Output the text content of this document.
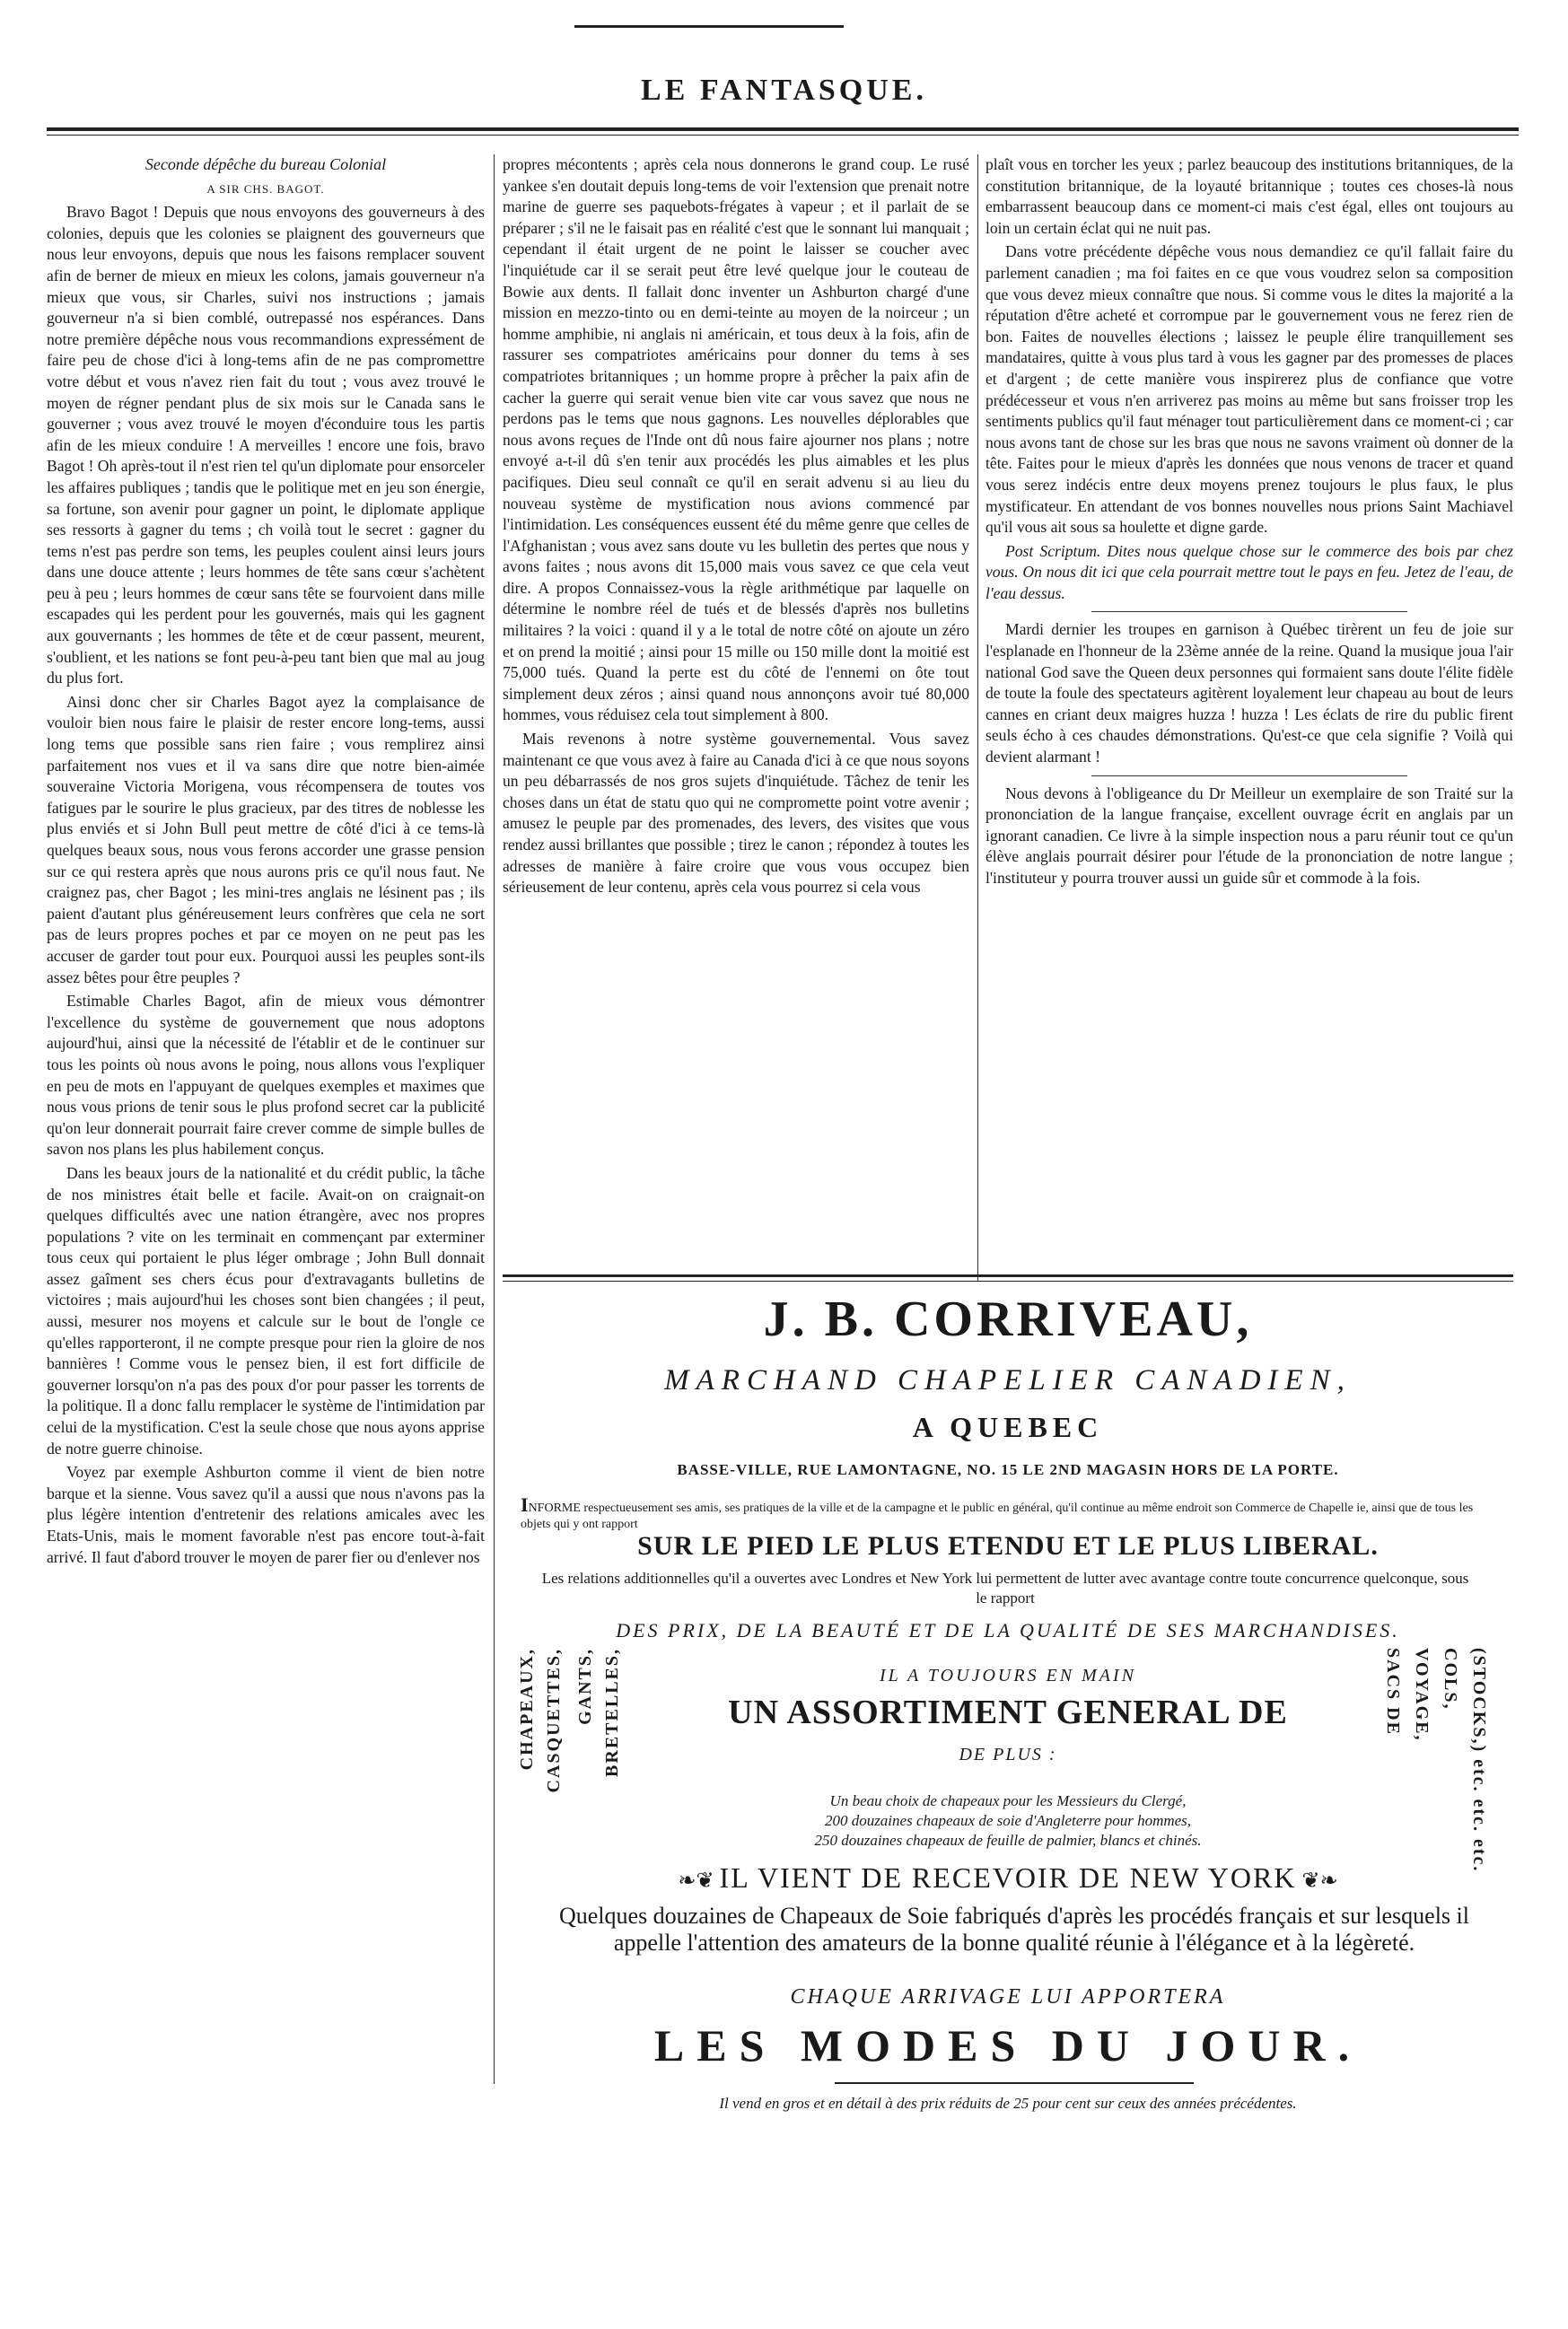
LE FANTASQUE.

Seconde dépêche du bureau Colonial

A SIR CHS. BAGOT.

Bravo Bagot ! Depuis que nous envoyons des gouverneurs à des colonies, depuis que les colonies se plaignent des gouverneurs que nous leur envoyons, depuis que nous les faisons remplacer souvent afin de berner de mieux en mieux les colons, jamais gouverneur n'a mieux que vous, sir Charles, suivi nos instructions ; jamais gouverneur n'a si bien comblé, outrepassé nos espérances. Dans notre première dépêche nous vous recommandions expressément de faire peu de chose d'ici à long-tems afin de ne pas compromettre votre début et vous n'avez rien fait du tout ; vous avez trouvé le moyen de régner pendant plus de six mois sur le Canada sans le gouverner ; vous avez trouvé le moyen d'éconduire tous les partis afin de les mieux conduire ! A merveilles ! encore une fois, bravo Bagot ! Oh après-tout il n'est rien tel qu'un diplomate pour ensorceler les affaires publiques ; tandis que le politique met en jeu son énergie, sa fortune, son avenir pour gagner un point, le diplomate applique ses ressorts à gagner du tems ; ch voilà tout le secret : gagner du tems n'est pas perdre son tems, les peuples coulent ainsi leurs jours dans une douce attente ; leurs hommes de tête sans cœur s'achètent peu à peu ; leurs hommes de cœur sans tête se fourvoient dans mille escapades qui les perdent pour les gouvernés, mais qui les gagnent aux gouvernants ; les hommes de tête et de cœur passent, meurent, s'oublient, et les nations se font peu-à-peu tant bien que mal au joug du plus fort.

Ainsi donc cher sir Charles Bagot ayez la complaisance de vouloir bien nous faire le plaisir de rester encore long-tems, aussi long tems que possible sans rien faire ; vous remplirez ainsi parfaitement nos vues et il va sans dire que notre bien-aimée souveraine Victoria Morigena, vous récompensera de toutes vos fatigues par le sourire le plus gracieux, par des titres de noblesse les plus enviés et si John Bull peut mettre de côté d'ici à ce tems-là quelques beaux sous, nous vous ferons accorder une grasse pension sur ce qui restera après que nous aurons pris ce qu'il nous faut. Ne craignez pas, cher Bagot ; les mini-tres anglais ne lésinent pas ; ils paient d'autant plus généreusement leurs confrères que cela ne sort pas de leurs propres poches et par ce moyen on ne peut pas les accuser de garder tout pour eux. Pourquoi aussi les peuples sont-ils assez bêtes pour être peuples ?

Estimable Charles Bagot, afin de mieux vous démontrer l'excellence du système de gouvernement que nous adoptons aujourd'hui, ainsi que la nécessité de l'établir et de le continuer sur tous les points où nous avons le poing, nous allons vous l'expliquer en peu de mots en l'appuyant de quelques exemples et maximes que nous vous prions de tenir sous le plus profond secret car la publicité qu'on leur donnerait pourrait faire crever comme de simple bulles de savon nos plans les plus habilement conçus.

Dans les beaux jours de la nationalité et du crédit public, la tâche de nos ministres était belle et facile. Avait-on on craignait-on quelques difficultés avec une nation étrangère, avec nos propres populations ? vite on les terminait en commençant par exterminer tous ceux qui portaient le plus léger ombrage ; John Bull donnait assez gaîment ses chers écus pour d'extravagants bulletins de victoires ; mais aujourd'hui les choses sont bien changées ; il peut, aussi, mesurer nos moyens et calcule sur le bout de l'ongle ce qu'elles rapporteront, il ne compte presque pour rien la gloire de nos bannières ! Comme vous le pensez bien, il est fort difficile de gouverner lorsqu'on n'a pas des poux d'or pour passer les torrents de la politique. Il a donc fallu remplacer le système de l'intimidation par celui de la mystification. C'est la seule chose que nous ayons apprise de notre guerre chinoise.

Voyez par exemple Ashburton comme il vient de bien notre barque et la sienne. Vous savez qu'il a aussi que nous n'avons pas la plus légère intention d'entretenir des relations amicales avec les Etats-Unis, mais le moment favorable n'est pas encore tout-à-fait arrivé. Il faut d'abord trouver le moyen de parer fier ou d'enlever nos

propres mécontents ; après cela nous donnerons le grand coup. Le rusé yankee s'en doutait depuis long-tems de voir l'extension que prenait notre marine de guerre ses paquebots-frégates à vapeur ; et il parlait de se préparer ; s'il ne le faisait pas en réalité c'est que le sonnant lui manquait ; cependant il était urgent de ne point le laisser se coucher avec l'inquiétude car il se serait peut être levé quelque jour le couteau de Bowie aux dents. Il fallait donc inventer un Ashburton chargé d'une mission en mezzo-tinto ou en demi-teinte au moyen de la noirceur ; un homme amphibie, ni anglais ni américain, et tous deux à la fois, afin de rassurer ses compatriotes américains pour donner du tems à ses compatriotes britanniques ; un homme propre à prêcher la paix afin de cacher la guerre qui serait venue bien vite car vous savez que nous ne perdons pas le tems que nous gagnons. Les nouvelles déplorables que nous avons reçues de l'Inde ont dû nous faire ajourner nos plans ; notre envoyé a-t-il dû s'en tenir aux procédés les plus aimables et les plus pacifiques. Dieu seul connaît ce qu'il en serait advenu si au lieu du nouveau système de mystification nous avions commencé par l'intimidation. Les conséquences eussent été du même genre que celles de l'Afghanistan ; vous avez sans doute vu les bulletin des pertes que nous y avons faites ; nous avons dit 15,000 mais vous savez ce que cela veut dire. A propos Connaissez-vous la règle arithmétique par laquelle on détermine le nombre réel de tués et de blessés d'après nos bulletins militaires ? la voici : quand il y a le total de notre côté on ajoute un zéro et on prend la moitié ; ainsi pour 15 mille ou 150 mille dont la moitié est 75,000 tués. Quand la perte est du côté de l'ennemi on ôte tout simplement deux zéros ; ainsi quand nous annonçons avoir tué 80,000 hommes, vous réduisez cela tout simplement à 800.

Mais revenons à notre système gouvernemental. Vous savez maintenant ce que vous avez à faire au Canada d'ici à ce que nous soyons un peu débarrassés de nos gros sujets d'inquiétude. Tâchez de tenir les choses dans un état de statu quo qui ne compromette point votre avenir ; amusez le peuple par des promenades, des levers, des visites que vous rendez aussi brillantes que possible ; tirez le canon ; répondez à toutes les adresses de manière à faire croire que vous vous occupez bien sérieusement de leur contenu, après cela vous pourrez si cela vous

plaît vous en torcher les yeux ; parlez beaucoup des institutions britanniques, de la constitution britannique, de la loyauté britannique ; toutes ces choses-là nous embarrassent beaucoup dans ce moment-ci mais c'est égal, elles ont toujours au loin un certain éclat qui ne nuit pas.

Dans votre précédente dépêche vous nous demandiez ce qu'il fallait faire du parlement canadien ; ma foi faites en ce que vous voudrez selon sa composition que vous devez mieux connaître que nous. Si comme vous le dites la majorité a la réputation d'être acheté et corrompue par le gouvernement vous ne ferez rien de bon. Faites de nouvelles élections ; laissez le peuple élire tranquillement ses mandataires, quitte à vous plus tard à vous les gagner par des promesses de places et d'argent ; de cette manière vous inspirerez plus de confiance que votre prédécesseur et vous n'en arriverez pas moins au même but sans froisser trop les sentiments publics qu'il faut ménager tout particulièrement dans ce moment-ci ; car nous avons tant de chose sur les bras que nous ne savons vraiment où donner de la tête. Faites pour le mieux d'après les données que nous venons de tracer et quand vous serez indécis entre deux moyens prenez toujours le plus faux, le plus mystificateur. En attendant de vos bonnes nouvelles nous prions Saint Machiavel qu'il vous ait sous sa houlette et digne garde.

Post Scriptum. Dites nous quelque chose sur le commerce des bois par chez vous. On nous dit ici que cela pourrait mettre tout le pays en feu. Jetez de l'eau, de l'eau dessus.

Mardi dernier les troupes en garnison à Québec tirèrent un feu de joie sur l'esplanade en l'honneur de la 23ème année de la reine. Quand la musique joua l'air national God save the Queen deux personnes qui formaient sans doute l'élite fidèle de toute la foule des spectateurs agitèrent loyalement leur chapeau au bout de leurs cannes en criant deux maigres huzza ! huzza ! Les éclats de rire du public firent seuls écho à ces chaudes démonstrations. Qu'est-ce que cela signifie ? Voilà qui devient alarmant !

Nous devons à l'obligeance du Dr Meilleur un exemplaire de son Traité sur la prononciation de la langue française, excellent ouvrage écrit en anglais par un ignorant canadien. Ce livre à la simple inspection nous a paru réunir tout ce qu'un élève anglais pourrait désirer pour l'étude de la prononciation de notre langue ; l'instituteur y pourra trouver aussi un guide sûr et commode à la fois.

J. B. CORRIVEAU,
MARCHAND CHAPELIER CANADIEN,
A QUEBEC
BASSE-VILLE, RUE LAMONTAGNE, NO. 15 LE 2ND MAGASIN HORS DE LA PORTE.
INFORME respectueusement ses amis, ses pratiques de la ville et de la campagne et le public en général, qu'il continue au même endroit son Commerce de Chapelle ie, ainsi que de tous les objets qui y ont rapport
SUR LE PIED LE PLUS ETENDU ET LE PLUS LIBERAL.
Les relations additionnelles qu'il a ouvertes avec Londres et New York lui permettent de lutter avec avantage contre toute concurrence quelconque, sous le rapport
DES PRIX, DE LA BEAUTÉ ET DE LA QUALITÉ DE SES MARCHANDISES.
IL A TOUJOURS EN MAIN
UN ASSORTIMENT GENERAL DE
DE PLUS :
Un beau choix de chapeaux pour les Messieurs du Clergé,
200 douzaines chapeaux de soie d'Angleterre pour hommes,
250 douzaines chapeaux de feuille de palmier, blancs et chinés.
CHAPEAUX, CASQUETTES, GANTS, BRETELLES,	SACS DE VOYAGE, COLS, (STOCKS,) etc. etc. etc.
❧❦ IL VIENT DE RECEVOIR DE NEW YORK ❦❧
Quelques douzaines de Chapeaux de Soie fabriqués d'après les procédés français et sur lesquels il appelle l'attention des amateurs de la bonne qualité réunie à l'élégance et à la légèreté.
CHAQUE ARRIVAGE LUI APPORTERA
LES MODES DU JOUR.
Il vend en gros et en détail à des prix réduits de 25 pour cent sur ceux des années précédentes.
